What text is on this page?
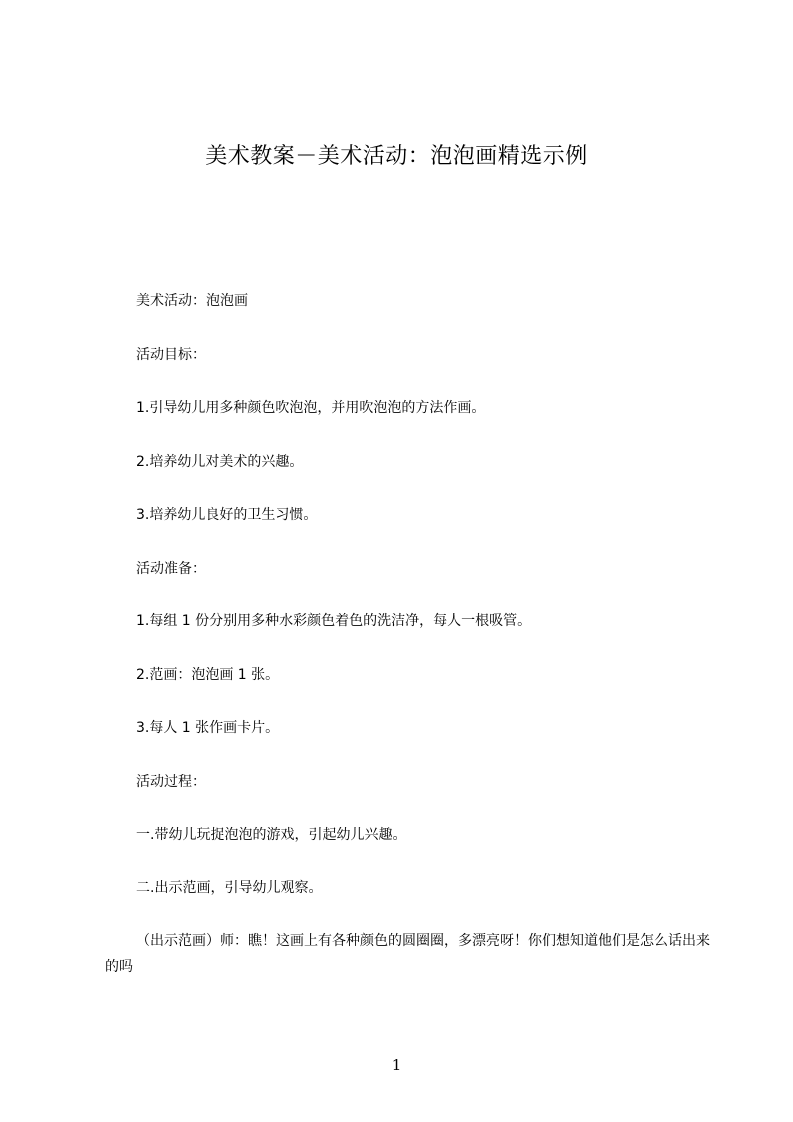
美术教案－美术活动：泡泡画精选示例
美术活动：泡泡画
活动目标：
1.引导幼儿用多种颜色吹泡泡，并用吹泡泡的方法作画。
2.培养幼儿对美术的兴趣。
3.培养幼儿良好的卫生习惯。
活动准备：
1.每组 1 份分别用多种水彩颜色着色的洗洁净，每人一根吸管。
2.范画：泡泡画 1 张。
3.每人 1 张作画卡片。
活动过程：
一.带幼儿玩捉泡泡的游戏，引起幼儿兴趣。
二.出示范画，引导幼儿观察。
（出示范画）师：瞧！这画上有各种颜色的圆圈圈，多漂亮呀！你们想知道他们是怎么话出来的吗
1
